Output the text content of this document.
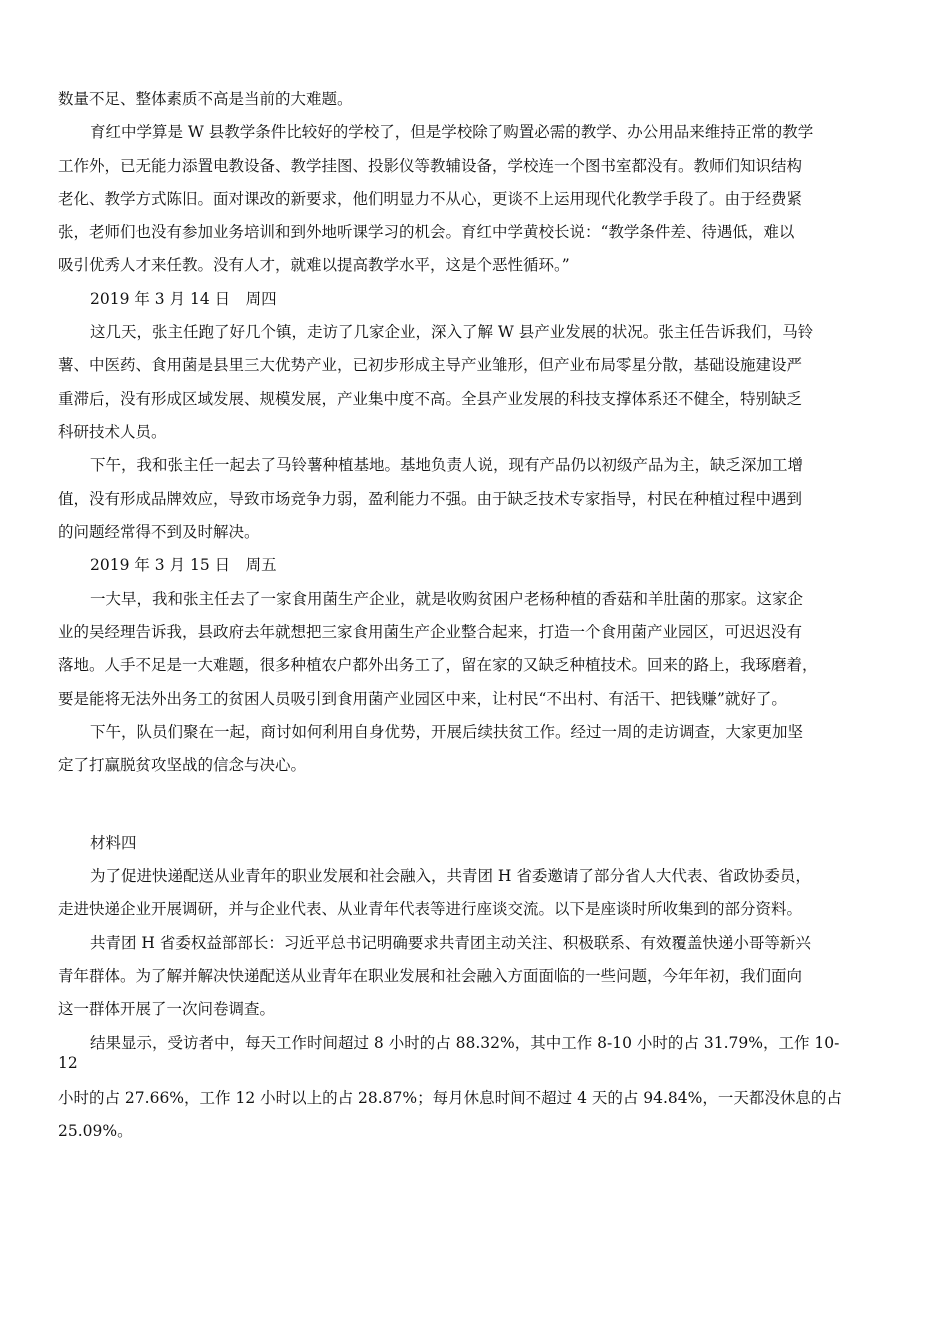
数量不足、整体素质不高是当前的大难题。
育红中学算是 W 县教学条件比较好的学校了，但是学校除了购置必需的教学、办公用品来维持正常的教学
工作外，已无能力添置电教设备、教学挂图、投影仪等教辅设备，学校连一个图书室都没有。教师们知识结构
老化、教学方式陈旧。面对课改的新要求，他们明显力不从心，更谈不上运用现代化教学手段了。由于经费紧
张，老师们也没有参加业务培训和到外地听课学习的机会。育红中学黄校长说：“教学条件差、待遇低，难以
吸引优秀人才来任教。没有人才，就难以提高教学水平，这是个恶性循环。”
2019 年 3 月 14 日　周四
这几天，张主任跑了好几个镇，走访了几家企业，深入了解 W 县产业发展的状况。张主任告诉我们，马铃
薯、中医药、食用菌是县里三大优势产业，已初步形成主导产业雏形，但产业布局零星分散，基础设施建设严
重滞后，没有形成区域发展、规模发展，产业集中度不高。全县产业发展的科技支撑体系还不健全，特别缺乏
科研技术人员。
下午，我和张主任一起去了马铃薯种植基地。基地负责人说，现有产品仍以初级产品为主，缺乏深加工增
值，没有形成品牌效应，导致市场竞争力弱，盈利能力不强。由于缺乏技术专家指导，村民在种植过程中遇到
的问题经常得不到及时解决。
2019 年 3 月 15 日　周五
一大早，我和张主任去了一家食用菌生产企业，就是收购贫困户老杨种植的香菇和羊肚菌的那家。这家企
业的吴经理告诉我，县政府去年就想把三家食用菌生产企业整合起来，打造一个食用菌产业园区，可迟迟没有
落地。人手不足是一大难题，很多种植农户都外出务工了，留在家的又缺乏种植技术。回来的路上，我琢磨着，
要是能将无法外出务工的贫困人员吸引到食用菌产业园区中来，让村民“不出村、有活干、把钱赚”就好了。
下午，队员们聚在一起，商讨如何利用自身优势，开展后续扶贫工作。经过一周的走访调查，大家更加坚
定了打赢脱贫攻坚战的信念与决心。
材料四
为了促进快递配送从业青年的职业发展和社会融入，共青团 H 省委邀请了部分省人大代表、省政协委员，
走进快递企业开展调研，并与企业代表、从业青年代表等进行座谈交流。以下是座谈时所收集到的部分资料。
共青团 H 省委权益部部长：习近平总书记明确要求共青团主动关注、积极联系、有效覆盖快递小哥等新兴
青年群体。为了解并解决快递配送从业青年在职业发展和社会融入方面面临的一些问题，今年年初，我们面向
这一群体开展了一次问卷调查。
结果显示，受访者中，每天工作时间超过 8 小时的占 88.32%，其中工作 8-10 小时的占 31.79%，工作 10-
12
小时的占 27.66%，工作 12 小时以上的占 28.87%；每月休息时间不超过 4 天的占 94.84%，一天都没休息的占
25.09%。
